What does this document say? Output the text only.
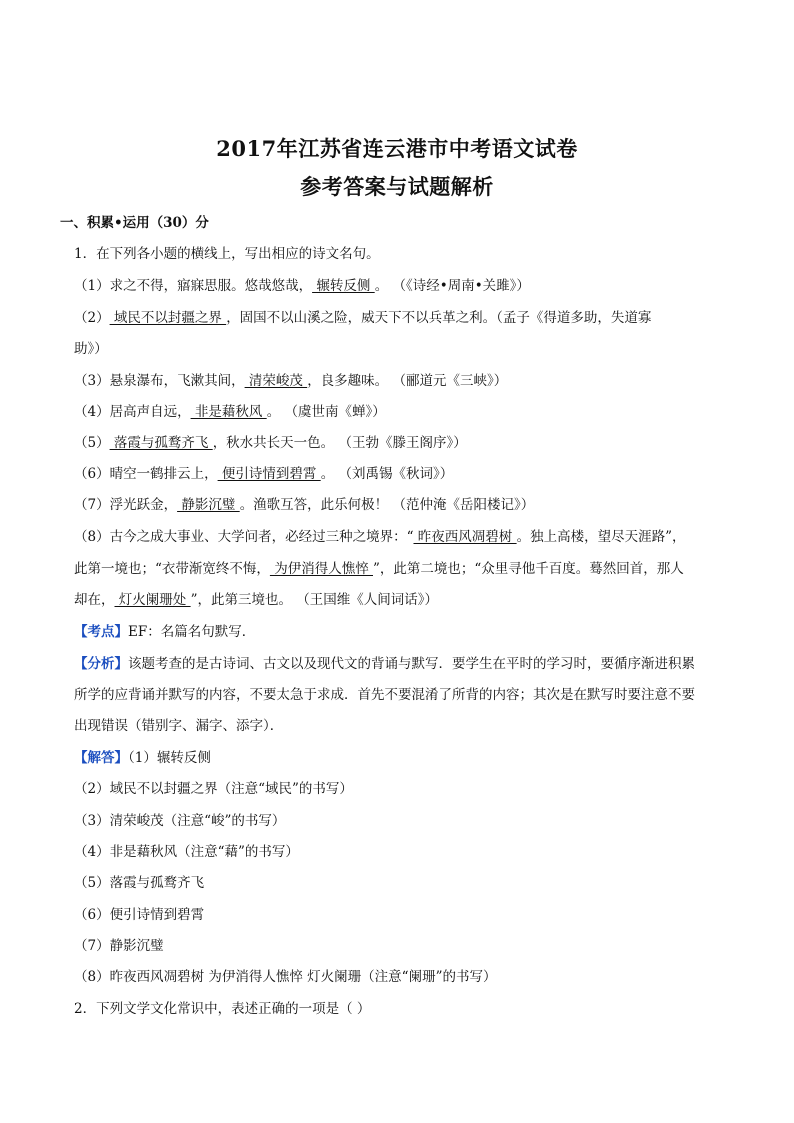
2017年江苏省连云港市中考语文试卷
参考答案与试题解析
一、积累•运用（30）分
1．在下列各小题的横线上，写出相应的诗文名句。
（1）求之不得，寤寐思服。悠哉悠哉， 辗转反侧 。 （《诗经•周南•关雎》）
（2） 域民不以封疆之界 ，固国不以山溪之险，威天下不以兵革之利。（孟子《得道多助，失道寡
助》）
（3）悬泉瀑布，飞漱其间， 清荣峻茂 ，良多趣味。 （郦道元《三峡》）
（4）居高声自远， 非是藉秋风 。 （虞世南《蝉》）
（5） 落霞与孤鹜齐飞 ，秋水共长天一色。 （王勃《滕王阁序》）
（6）晴空一鹤排云上， 便引诗情到碧霄 。 （刘禹锡《秋词》）
（7）浮光跃金， 静影沉璧 。渔歌互答，此乐何极！ （范仲淹《岳阳楼记》）
（8）古今之成大事业、大学问者，必经过三种之境界：“ 昨夜西风凋碧树 。独上高楼，望尽天涯路”，
此第一境也；“衣带渐宽终不悔， 为伊消得人憔悴 ”，此第二境也；“众里寻他千百度。蓦然回首，那人
却在， 灯火阑珊处 ”，此第三境也。 （王国维《人间词话》）
【考点】EF：名篇名句默写．
【分析】该题考查的是古诗词、古文以及现代文的背诵与默写．要学生在平时的学习时，要循序渐进积累
所学的应背诵并默写的内容，不要太急于求成．首先不要混淆了所背的内容；其次是在默写时要注意不要
出现错误（错别字、漏字、添字）．
【解答】（1）辗转反侧
（2）域民不以封疆之界（注意“域民”的书写）
（3）清荣峻茂（注意“峻”的书写）
（4）非是藉秋风（注意“藉”的书写）
（5）落霞与孤鹜齐飞
（6）便引诗情到碧霄
（7）静影沉璧
（8）昨夜西风凋碧树 为伊消得人憔悴 灯火阑珊（注意“阑珊”的书写）
2．下列文学文化常识中，表述正确的一项是（ ）
